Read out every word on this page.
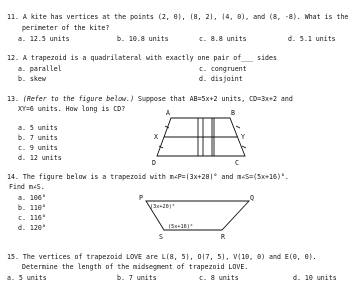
11. A kite has vertices at the points (2, 0), (8, 2), (4, 0), and (8, -8). What is the
perimeter of the kite?
a. 12.5 units	b. 10.8 units	c. 8.8 units	d. 5.1 units
12. A trapezoid is a quadrilateral with exactly one pair of___ sides
a. parallel
b. skew
c. congruent
d. disjoint
13. (Refer to the figure below.) Suppose that AB=5x+2 units, CD=3x+2 and
XY=6 units. How long is CD?
a. 5 units
b. 7 units
c. 9 units
d. 12 units
A	B
D	C
X	Y
14. The figure below is a trapezoid with m∠P=(3x+20)° and m∠S=(5x+16)°.
Find m∠S.
a. 106°
b. 110°
c. 116°
d. 120°
P	Q
R
S
(3x+20)°
(5x+16)°
15. The vertices of trapezoid LOVE are L(8, 5), O(7, 5), V(10, 0) and E(0, 0).
Determine the length of the midsegment of trapezoid LOVE.
a. 5 units	b. 7 units	c. 8 units	d. 10 units
